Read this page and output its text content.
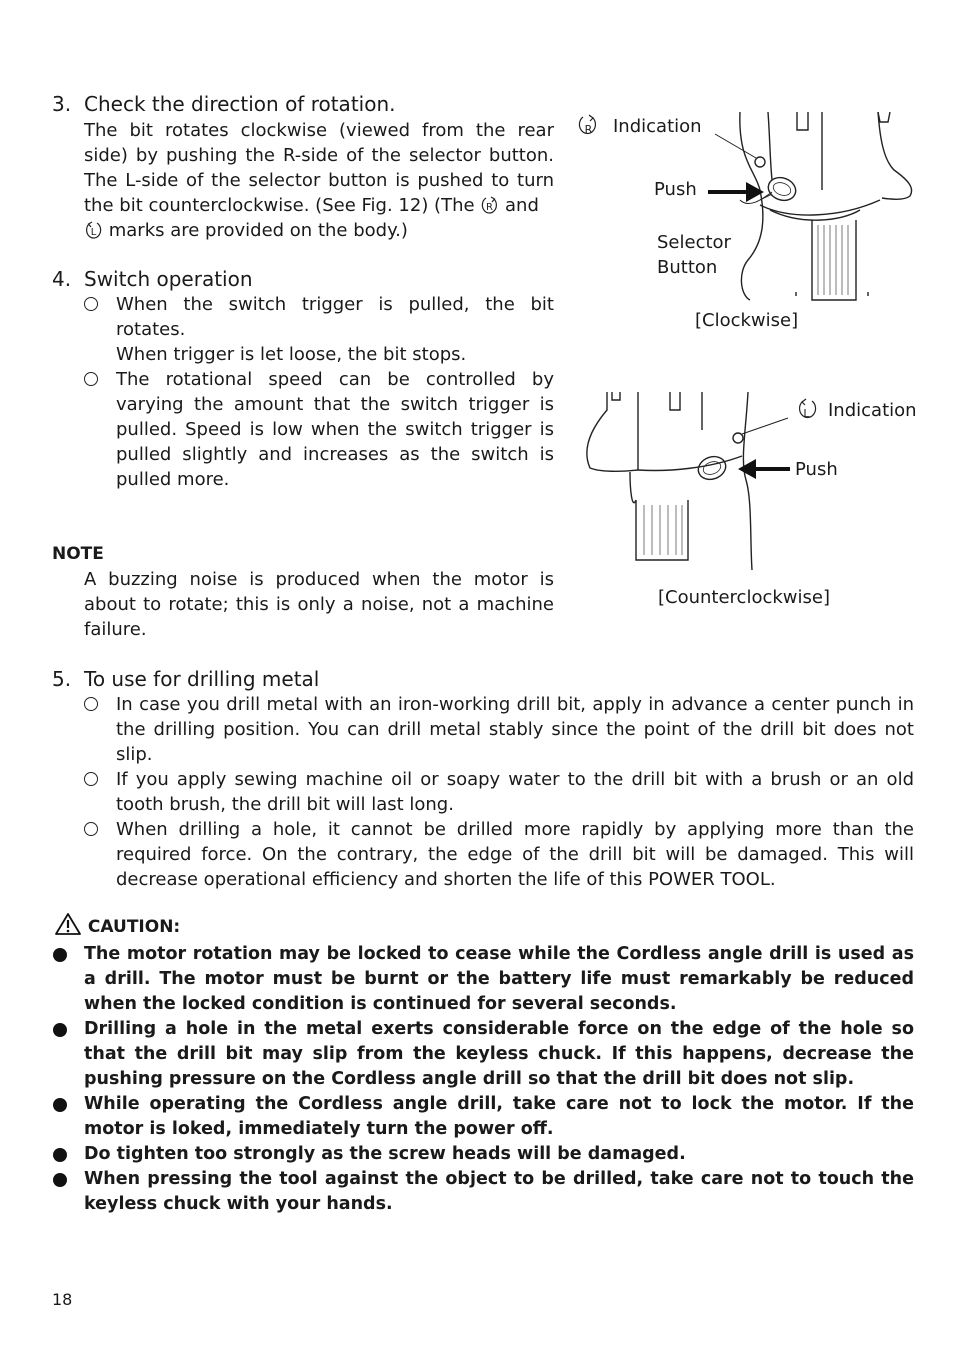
3. Check the direction of rotation.
The bit rotates clockwise (viewed from the rear side) by pushing the R-side of the selector button. The L-side of the selector button is pushed to turn the bit counterclockwise. (See Fig. 12) (The R and

L marks are provided on the body.)
4. Switch operation
When the switch trigger is pulled, the bit rotates.
When trigger is let loose, the bit stops.
The rotational speed can be controlled by varying the amount that the switch trigger is pulled. Speed is low when the switch trigger is pulled slightly and increases as the switch is pulled more.
NOTE
A buzzing noise is produced when the motor is about to rotate; this is only a noise, not a machine failure.
R
L
Indication
Push
Selector
Button
[Clockwise]
Indication
Push
[Counterclockwise]
5. To use for drilling metal
In case you drill metal with an iron-working drill bit, apply in advance a center punch in the drilling position. You can drill metal stably since the point of the drill bit does not slip.
If you apply sewing machine oil or soapy water to the drill bit with a brush or an old tooth brush, the drill bit will last long.
When drilling a hole, it cannot be drilled more rapidly by applying more than the required force. On the contrary, the edge of the drill bit will be damaged. This will decrease operational efficiency and shorten the life of this POWER TOOL.
CAUTION:
The motor rotation may be locked to cease while the Cordless angle drill is used as a drill. The motor must be burnt or the battery life must remarkably be reduced when the locked condition is continued for several seconds.
Drilling a hole in the metal exerts considerable force on the edge of the hole so that the drill bit may slip from the keyless chuck. If this happens, decrease the pushing pressure on the Cordless angle drill so that the drill bit does not slip.
While operating the Cordless angle drill, take care not to lock the motor. If the motor is loked, immediately turn the power off.
Do tighten too strongly as the screw heads will be damaged.
When pressing the tool against the object to be drilled, take care not to touch the keyless chuck with your hands.
18
